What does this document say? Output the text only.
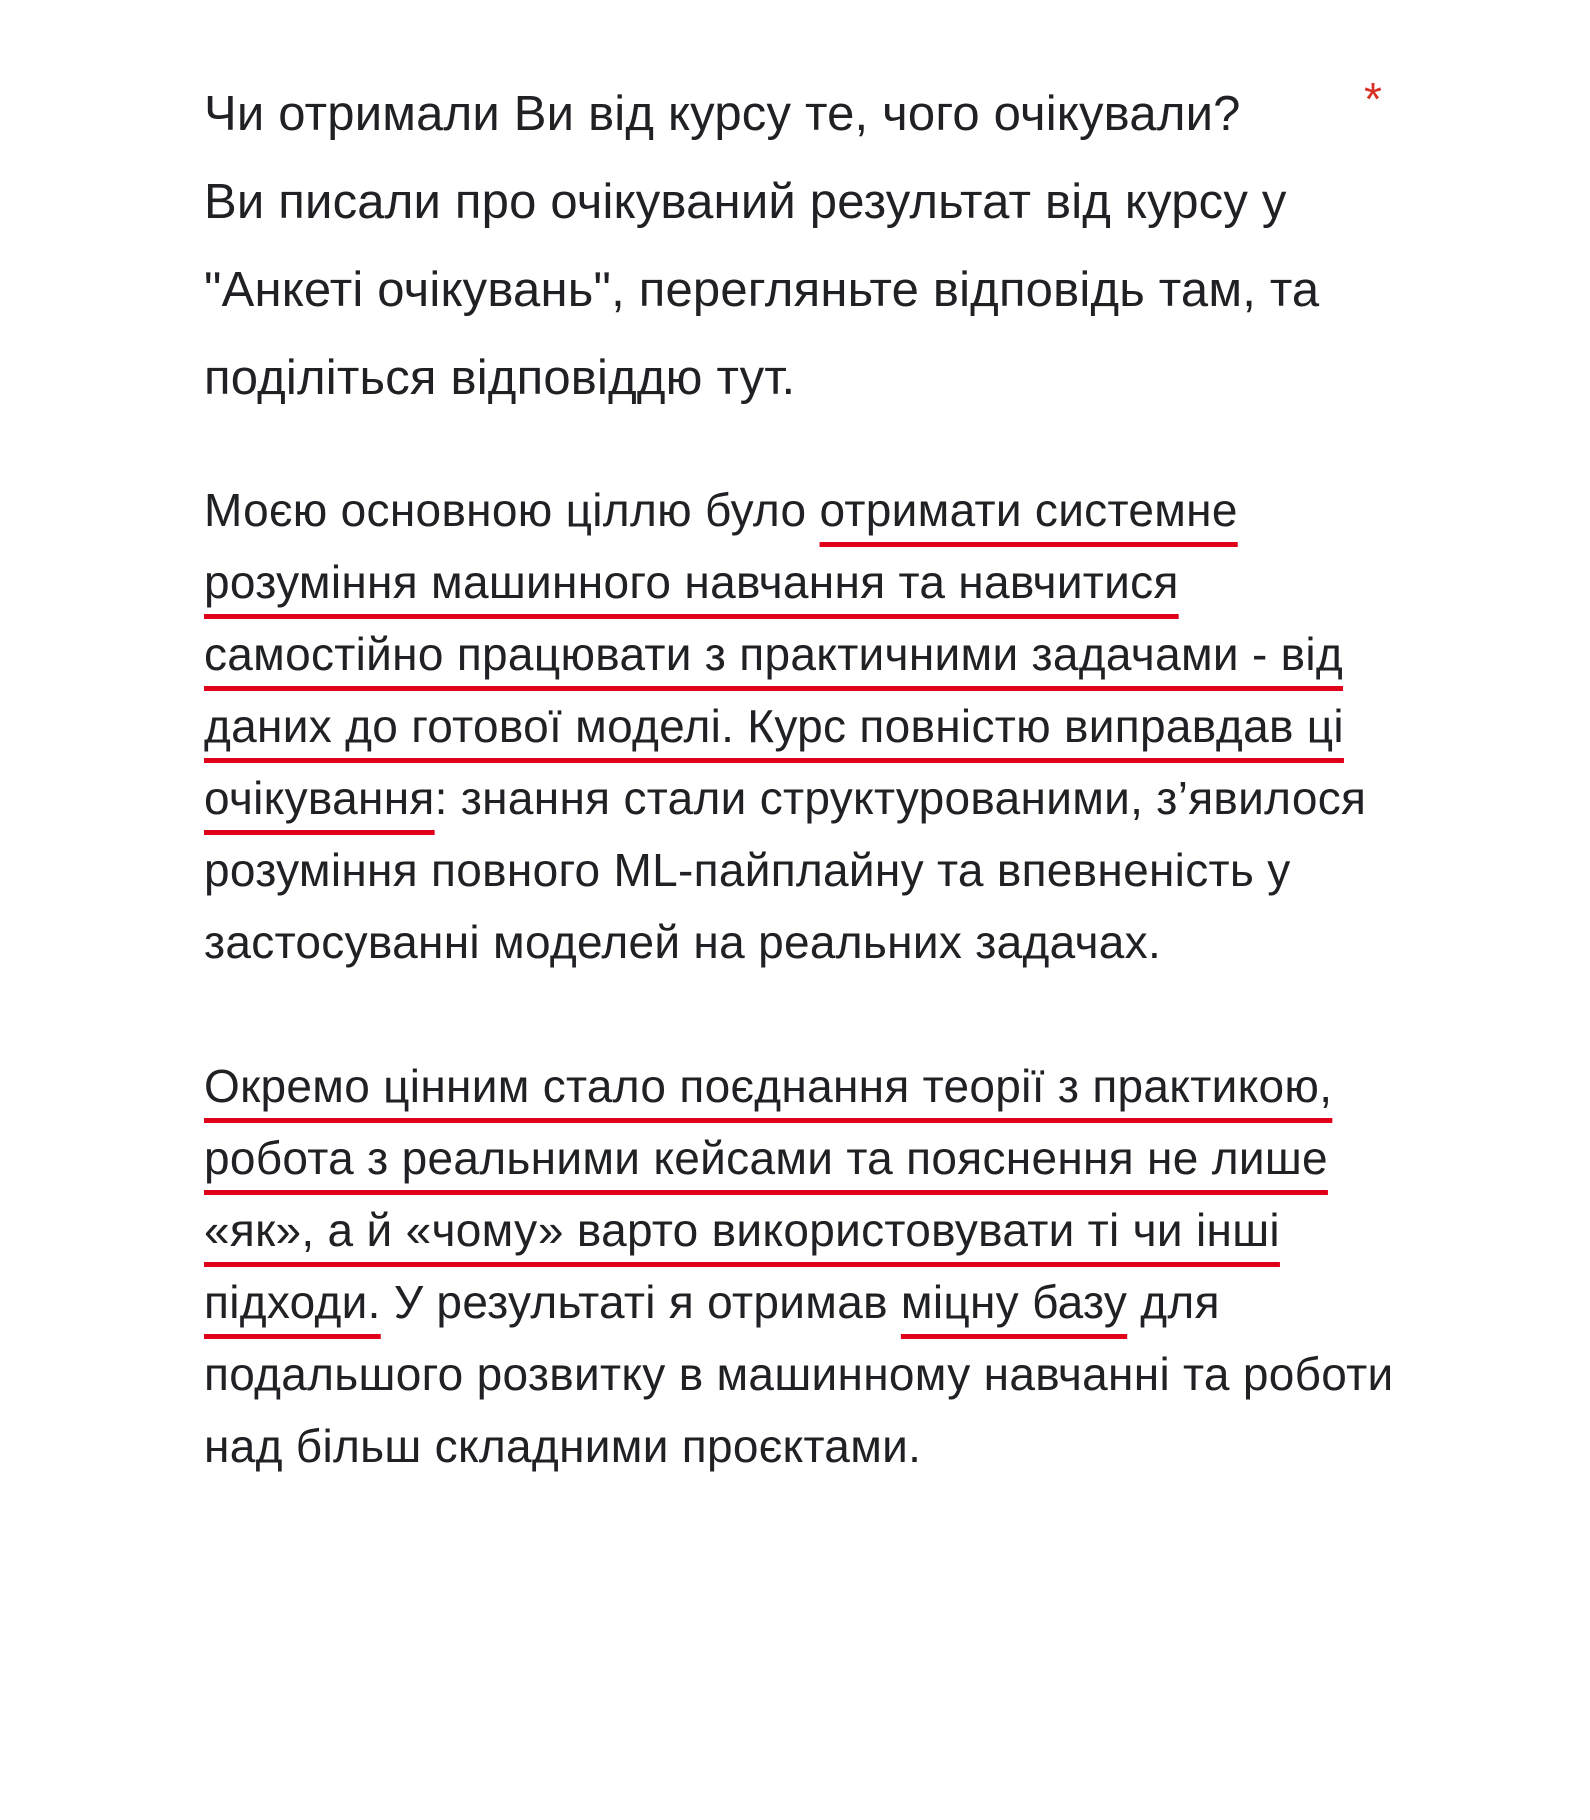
*
Чи отримали Ви від курсу те, чого очікували?
Ви писали про очікуваний результат від курсу у "Анкеті очікувань", перегляньте відповідь там, та поділіться відповіддю тут.

Моєю основною ціллю було отримати системне розуміння машинного навчання та навчитися самостійно працювати з практичними задачами - від даних до готової моделі. Курс повністю виправдав ці очікування: знання стали структурованими, з’явилося розуміння повного ML-пайплайну та впевненість у застосуванні моделей на реальних задачах.

Окремо цінним стало поєднання теорії з практикою, робота з реальними кейсами та пояснення не лише «як», а й «чому» варто використовувати ті чи інші підходи. У результаті я отримав міцну базу для подальшого розвитку в машинному навчанні та роботи над більш складними проєктами.
